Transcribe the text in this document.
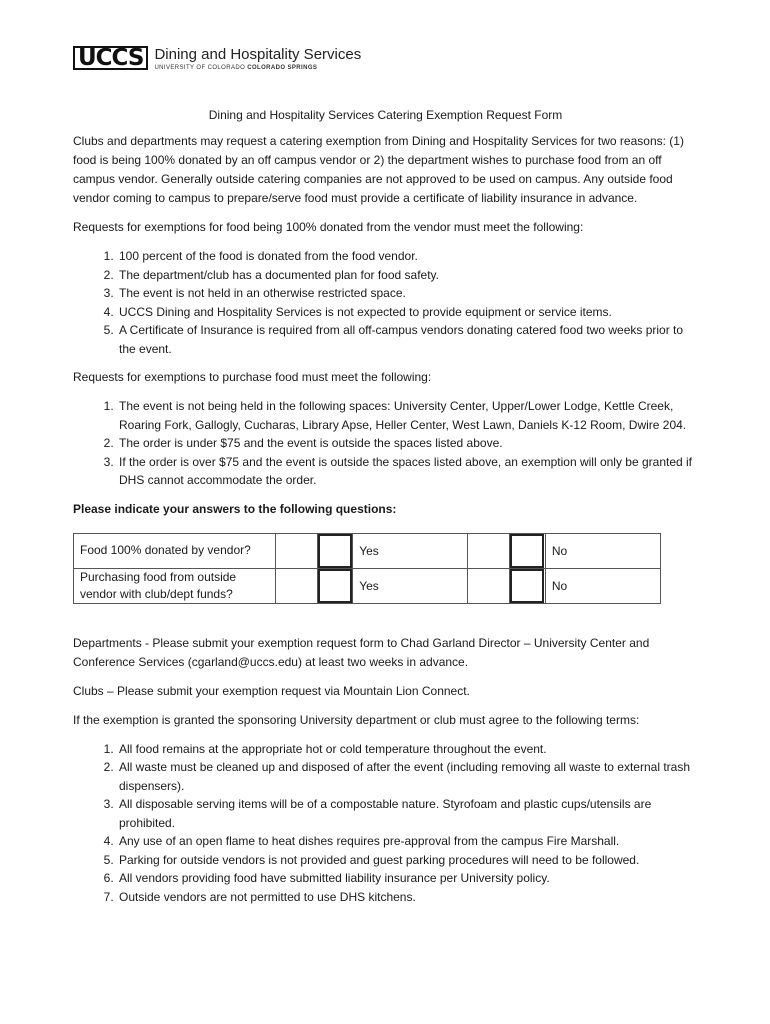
UCCS Dining and Hospitality Services
UNIVERSITY OF COLORADO COLORADO SPRINGS
Dining and Hospitality Services Catering Exemption Request Form

Clubs and departments may request a catering exemption from Dining and Hospitality Services for two reasons: (1) food is being 100% donated by an off campus vendor or 2) the department wishes to purchase food from an off campus vendor. Generally outside catering companies are not approved to be used on campus. Any outside food vendor coming to campus to prepare/serve food must provide a certificate of liability insurance in advance.

Requests for exemptions for food being 100% donated from the vendor must meet the following:

1. 100 percent of the food is donated from the food vendor.
2. The department/club has a documented plan for food safety.
3. The event is not held in an otherwise restricted space.
4. UCCS Dining and Hospitality Services is not expected to provide equipment or service items.
5. A Certificate of Insurance is required from all off-campus vendors donating catered food two weeks prior to the event.

Requests for exemptions to purchase food must meet the following:

1. The event is not being held in the following spaces: University Center, Upper/Lower Lodge, Kettle Creek, Roaring Fork, Gallogly, Cucharas, Library Apse, Heller Center, West Lawn, Daniels K-12 Room, Dwire 204.
2. The order is under $75 and the event is outside the spaces listed above.
3. If the order is over $75 and the event is outside the spaces listed above, an exemption will only be granted if DHS cannot accommodate the order.

Please indicate your answers to the following questions:

Food 100% donated by vendor?			Yes			No
Purchasing food from outside vendor with club/dept funds?			Yes			No

Departments - Please submit your exemption request form to Chad Garland Director – University Center and Conference Services (cgarland@uccs.edu) at least two weeks in advance.

Clubs – Please submit your exemption request via Mountain Lion Connect.

If the exemption is granted the sponsoring University department or club must agree to the following terms:

1. All food remains at the appropriate hot or cold temperature throughout the event.
2. All waste must be cleaned up and disposed of after the event (including removing all waste to external trash dispensers).
3. All disposable serving items will be of a compostable nature. Styrofoam and plastic cups/utensils are prohibited.
4. Any use of an open flame to heat dishes requires pre-approval from the campus Fire Marshall.
5. Parking for outside vendors is not provided and guest parking procedures will need to be followed.
6. All vendors providing food have submitted liability insurance per University policy.
7. Outside vendors are not permitted to use DHS kitchens.
